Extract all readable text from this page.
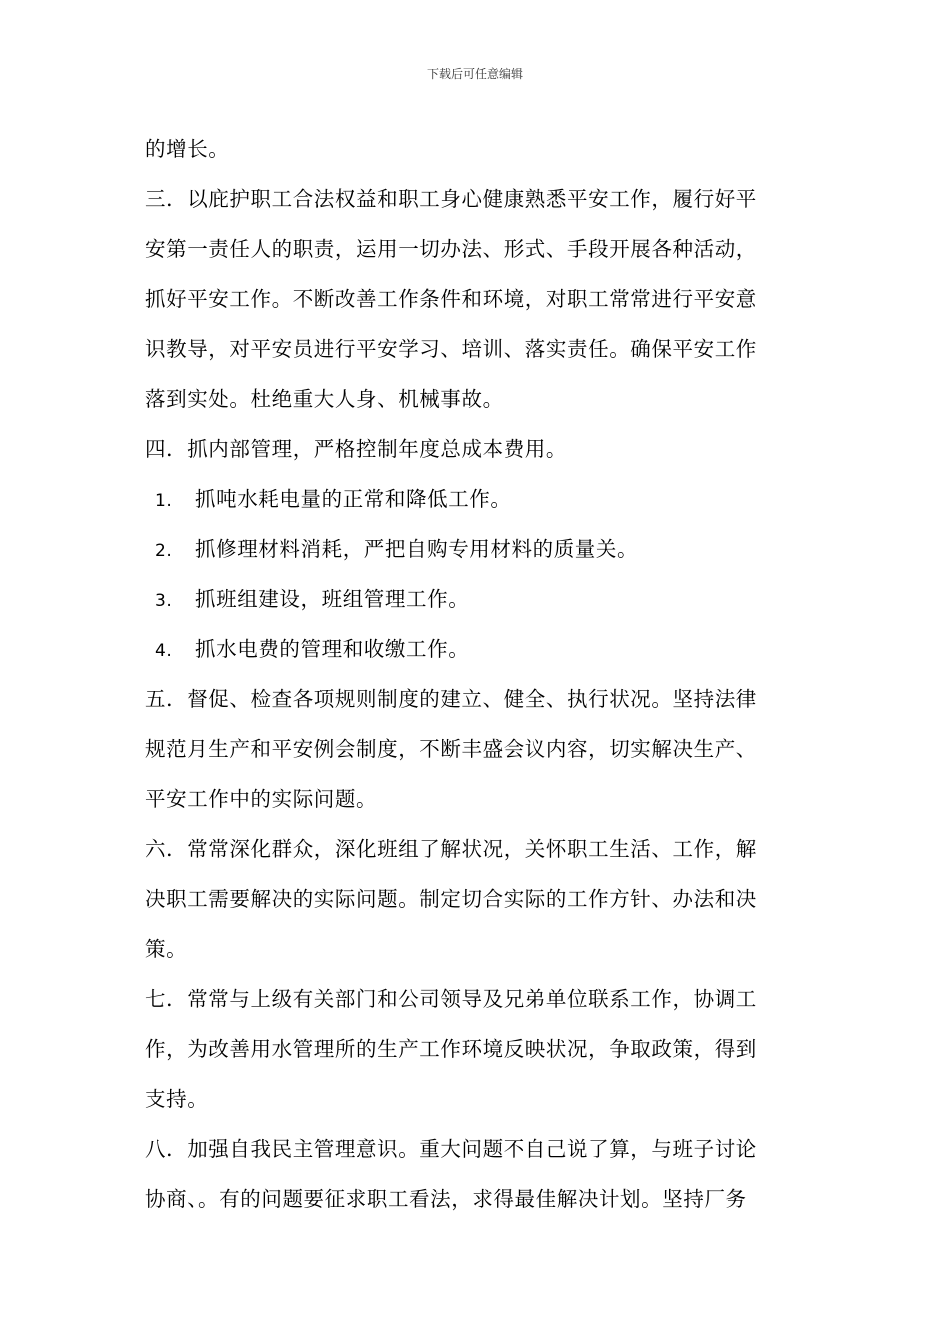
下载后可任意编辑
的增长。
三．以庇护职工合法权益和职工身心健康熟悉平安工作，履行好平
安第一责任人的职责，运用一切办法、形式、手段开展各种活动，
抓好平安工作。不断改善工作条件和环境，对职工常常进行平安意
识教导，对平安员进行平安学习、培训、落实责任。确保平安工作
落到实处。杜绝重大人身、机械事故。
四．抓内部管理，严格控制年度总成本费用。
1. 抓吨水耗电量的正常和降低工作。
2. 抓修理材料消耗，严把自购专用材料的质量关。
3. 抓班组建设，班组管理工作。
4. 抓水电费的管理和收缴工作。
五．督促、检查各项规则制度的建立、健全、执行状况。坚持法律
规范月生产和平安例会制度，不断丰盛会议内容，切实解决生产、
平安工作中的实际问题。
六．常常深化群众，深化班组了解状况，关怀职工生活、工作，解
决职工需要解决的实际问题。制定切合实际的工作方针、办法和决
策。
七．常常与上级有关部门和公司领导及兄弟单位联系工作，协调工
作，为改善用水管理所的生产工作环境反映状况，争取政策，得到
支持。
八．加强自我民主管理意识。重大问题不自己说了算，与班子讨论
协商、。有的问题要征求职工看法，求得最佳解决计划。坚持厂务
